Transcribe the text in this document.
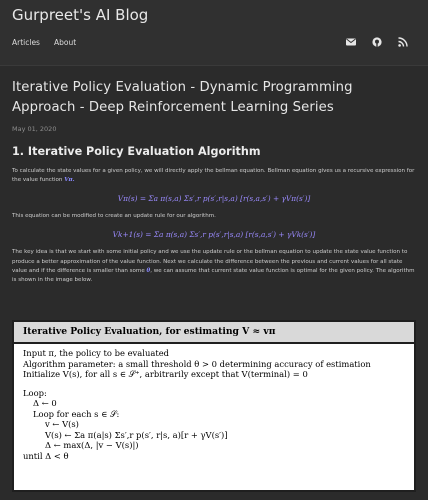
Gurpreet's AI Blog
Articles About
Iterative Policy Evaluation - Dynamic Programming Approach - Deep Reinforcement Learning Series
May 01, 2020
1. Iterative Policy Evaluation Algorithm

To calculate the state values for a given policy, we will directly apply the bellman equation. Bellman equation gives us a recursive expression for the value function Vπ.

Vπ(s) = Σa π(s,a) Σs′,r p(s′,r|s,a) [r(s,a,s′) + γVπ(s′)]

This equation can be modified to create an update rule for our algorithm.

Vk+1(s) = Σa π(s,a) Σs′,r p(s′,r|s,a) [r(s,a,s′) + γVk(s′)]

The key idea is that we start with some initial policy and we use the update rule or the bellman equation to update the state value function to produce a better approximation of the value function. Next we calculate the difference between the previous and current values for all state value and if the difference is smaller than some θ, we can assume that current state value function is optimal for the given policy. The algorithm is shown in the image below.

Iterative Policy Evaluation, for estimating V ≈ vπ
Input π, the policy to be evaluated
Algorithm parameter: a small threshold θ > 0 determining accuracy of estimation
Initialize V(s), for all s ∈ 𝒮⁺, arbitrarily except that V(terminal) = 0
Loop:
Δ ← 0
Loop for each s ∈ 𝒮:
v ← V(s)
V(s) ← Σa π(a|s) Σs′,r p(s′, r|s, a)[r + γV(s′)]
Δ ← max(Δ, |v − V(s)|)
until Δ < θ
